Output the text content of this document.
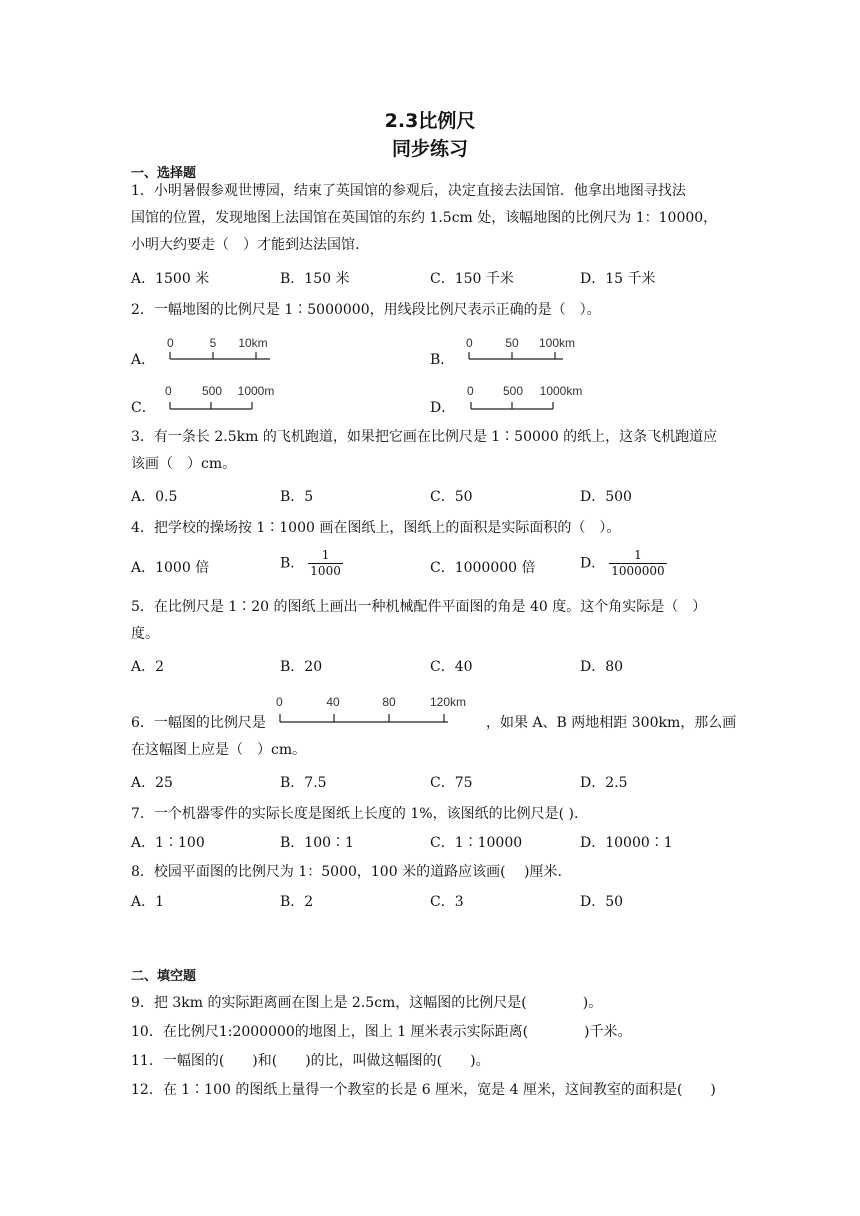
2.3比例尺
同步练习
一、选择题
1．小明暑假参观世博园，结束了英国馆的参观后，决定直接去法国馆．他拿出地图寻找法
国馆的位置，发现地图上法国馆在英国馆的东约 1.5cm 处，该幅地图的比例尺为 1：10000，
小明大约要走（　）才能到达法国馆.
A．1500 米	B．150 米	C．150 千米	D．15 千米
2．一幅地图的比例尺是 1∶5000000，用线段比例尺表示正确的是（　）。
A．	B．
C．	D．
0	5 10km	0	50 100km
0	500 1000m	0 500 1000km
3．有一条长 2.5km 的飞机跑道，如果把它画在比例尺是 1∶50000 的纸上，这条飞机跑道应
该画（　）cm。
A．0.5	B．5	C．50	D．500
4．把学校的操场按 1∶1000 画在图纸上，图纸上的面积是实际面积的（　）。
A．1000 倍	B． $\frac{1}{1000}$	C．1000000 倍	D． $\frac{1}{1000000}$
5．在比例尺是 1∶20 的图纸上画出一种机械配件平面图的角是 40 度。这个角实际是（　）
度。
A．2	B．20	C．40	D．80
6．一幅图的比例尺是
0	40	80	120km
，如果 A、B 两地相距 300km，那么画
在这幅图上应是（　）cm。
A．25	B．7.5	C．75	D．2.5
7．一个机器零件的实际长度是图纸上长度的 1%，该图纸的比例尺是( ).
A．1∶100	B．100∶1	C．1∶10000	D．10000∶1
8．校园平面图的比例尺为 1：5000，100 米的道路应该画(　 )厘米.
A．1	B．2	C．3	D．50
二、填空题
9．把 3km 的实际距离画在图上是 2.5cm，这幅图的比例尺是(　　　　)。
10．在比例尺1:2000000的地图上，图上 1 厘米表示实际距离(　　　　)千米。
11．一幅图的(　　)和(　　)的比，叫做这幅图的(　　)。
12．在 1∶100 的图纸上量得一个教室的长是 6 厘米，宽是 4 厘米，这间教室的面积是(　　)
